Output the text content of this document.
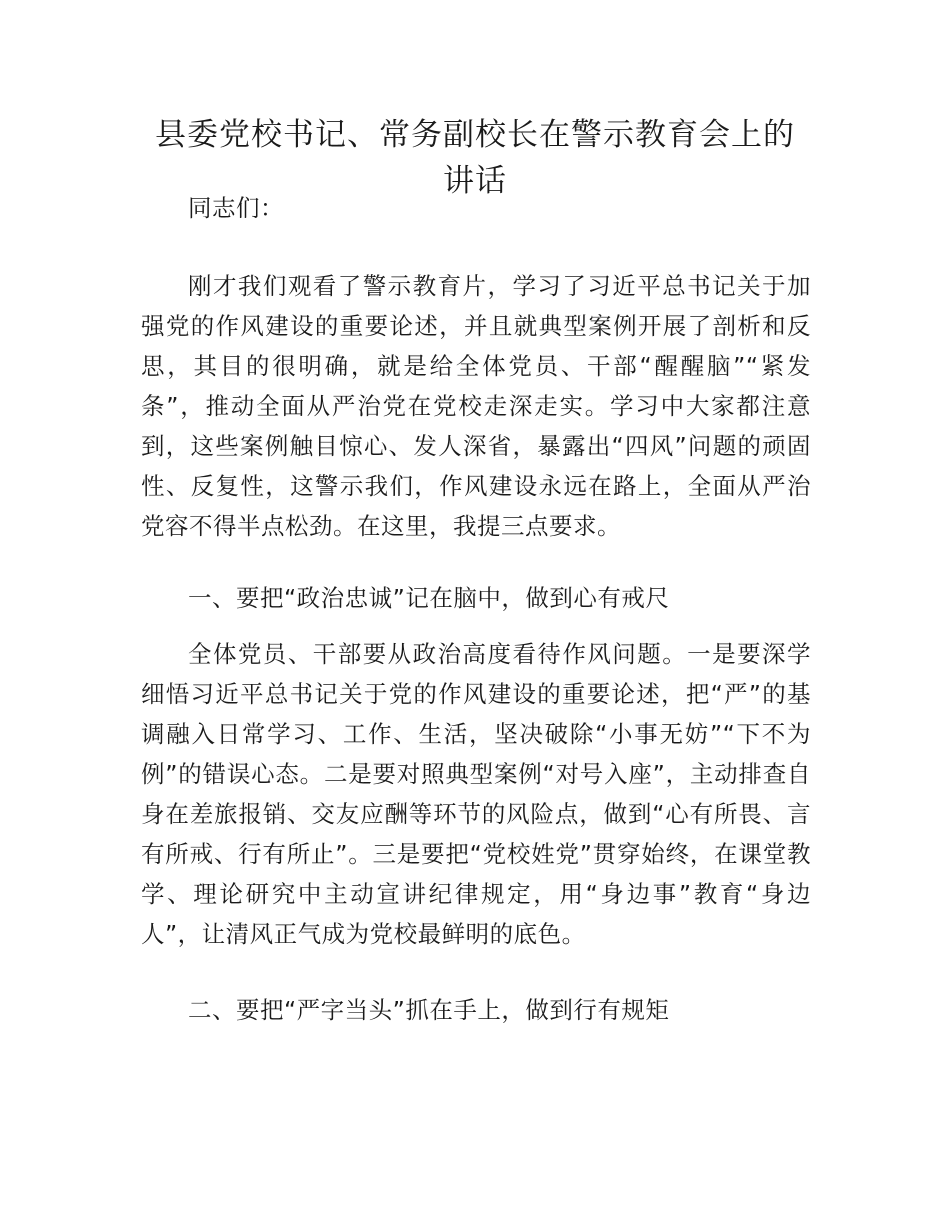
县委党校书记、常务副校长在警示教育会上的讲话

同志们：

刚才我们观看了警示教育片，学习了习近平总书记关于加强党的作风建设的重要论述，并且就典型案例开展了剖析和反思，其目的很明确，就是给全体党员、干部“醒醒脑”“紧发条”，推动全面从严治党在党校走深走实。学习中大家都注意到，这些案例触目惊心、发人深省，暴露出“四风”问题的顽固性、反复性，这警示我们，作风建设永远在路上，全面从严治党容不得半点松劲。在这里，我提三点要求。

一、要把“政治忠诚”记在脑中，做到心有戒尺

全体党员、干部要从政治高度看待作风问题。一是要深学细悟习近平总书记关于党的作风建设的重要论述，把“严”的基调融入日常学习、工作、生活，坚决破除“小事无妨”“下不为例”的错误心态。二是要对照典型案例“对号入座”，主动排查自身在差旅报销、交友应酬等环节的风险点，做到“心有所畏、言有所戒、行有所止”。三是要把“党校姓党”贯穿始终，在课堂教学、理论研究中主动宣讲纪律规定，用“身边事”教育“身边人”，让清风正气成为党校最鲜明的底色。

二、要把“严字当头”抓在手上，做到行有规矩
